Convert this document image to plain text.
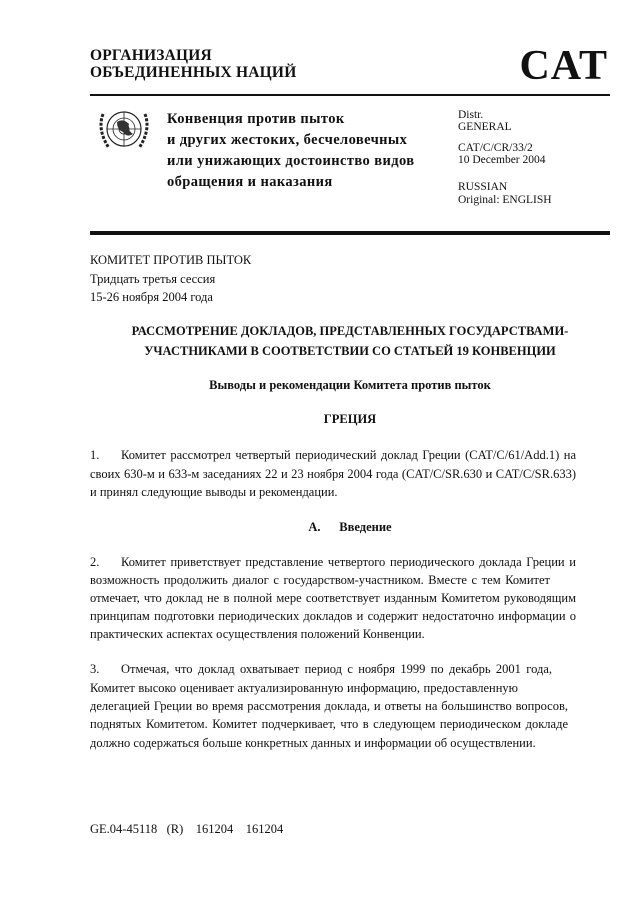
ОРГАНИЗАЦИЯ
ОБЪЕДИНЕННЫХ НАЦИЙ	CAT
Конвенция против пыток
и других жестоких, бесчеловечных
или унижающих достоинство видов
обращения и наказания
Distr.
GENERAL
CAT/C/CR/33/2
10 December 2004
RUSSIAN
Original: ENGLISH
КОМИТЕТ ПРОТИВ ПЫТОК
Тридцать третья сессия
15-26 ноября 2004 года
РАССМОТРЕНИЕ ДОКЛАДОВ, ПРЕДСТАВЛЕННЫХ ГОСУДАРСТВАМИ-
УЧАСТНИКАМИ В СООТВЕТСТВИИ СО СТАТЬЕЙ 19 КОНВЕНЦИИ
Выводы и рекомендации Комитета против пыток
ГРЕЦИЯ
1. Комитет рассмотрел четвертый периодический доклад Греции (CAT/C/61/Add.1) на
своих 630-м и 633-м заседаниях 22 и 23 ноября 2004 года (CAT/C/SR.630 и CAT/C/SR.633)
и принял следующие выводы и рекомендации.
A. Введение
2. Комитет приветствует представление четвертого периодического доклада Греции и
возможность продолжить диалог с государством-участником. Вместе с тем Комитет
отмечает, что доклад не в полной мере соответствует изданным Комитетом руководящим
принципам подготовки периодических докладов и содержит недостаточно информации о
практических аспектах осуществления положений Конвенции.
3. Отмечая, что доклад охватывает период с ноября 1999 по декабрь 2001 года,
Комитет высоко оценивает актуализированную информацию, предоставленную
делегацией Греции во время рассмотрения доклада, и ответы на большинство вопросов,
поднятых Комитетом. Комитет подчеркивает, что в следующем периодическом докладе
должно содержаться больше конкретных данных и информации об осуществлении.
GE.04-45118   (R)    161204    161204
